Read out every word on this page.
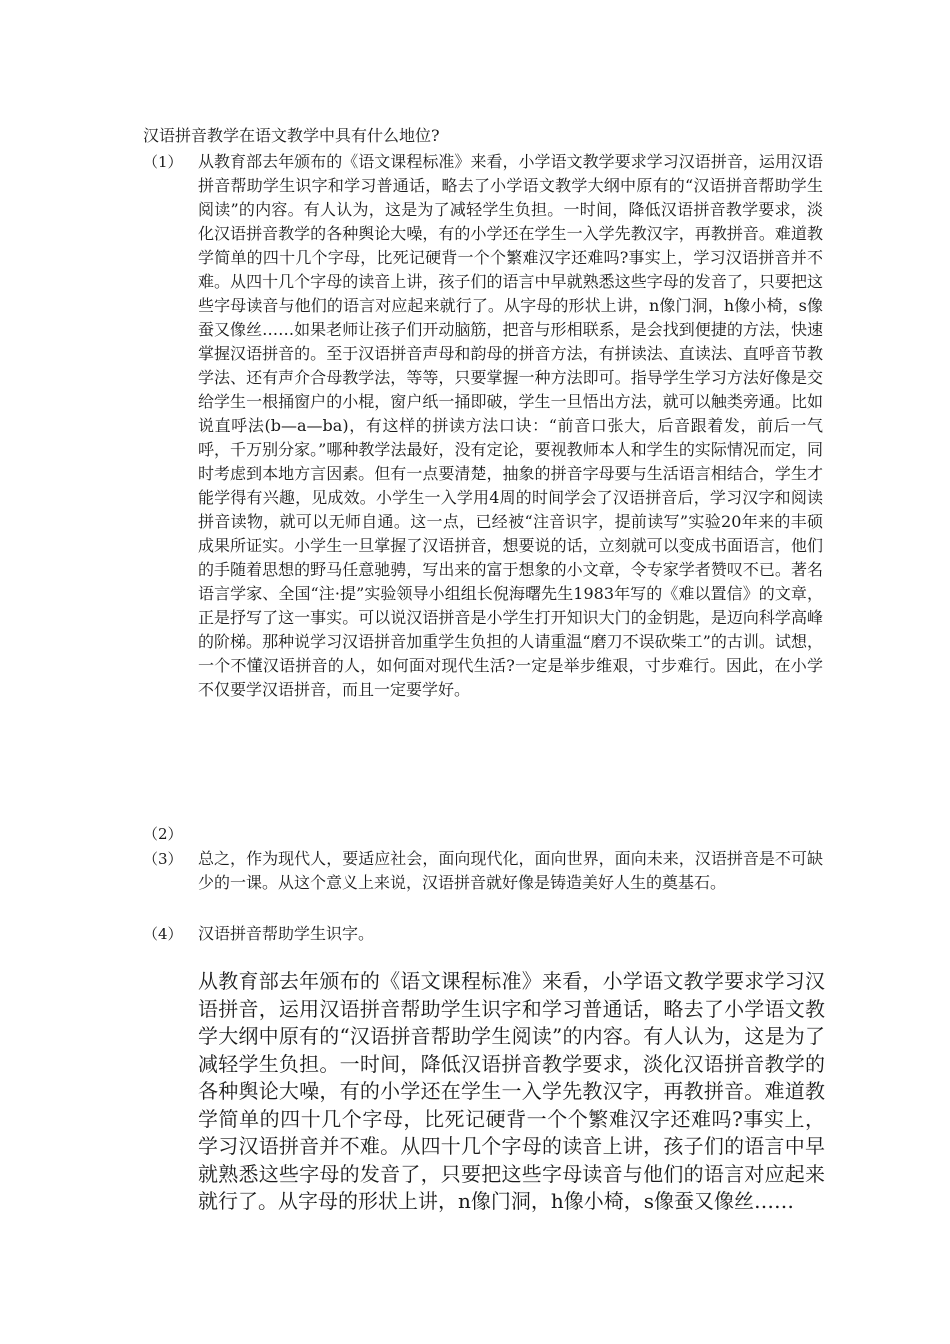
汉语拼音教学在语文教学中具有什么地位?
（1） 从教育部去年颁布的《语文课程标准》来看，小学语文教学要求学习汉语拼音，运用汉语拼音帮助学生识字和学习普通话，略去了小学语文教学大纲中原有的“汉语拼音帮助学生阅读”的内容。有人认为，这是为了减轻学生负担。一时间，降低汉语拼音教学要求，淡化汉语拼音教学的各种舆论大噪，有的小学还在学生一入学先教汉字，再教拼音。难道教学简单的四十几个字母，比死记硬背一个个繁难汉字还难吗?事实上，学习汉语拼音并不难。从四十几个字母的读音上讲，孩子们的语言中早就熟悉这些字母的发音了，只要把这些字母读音与他们的语言对应起来就行了。从字母的形状上讲，n像门洞，h像小椅，s像蚕又像丝……如果老师让孩子们开动脑筋，把音与形相联系，是会找到便捷的方法，快速掌握汉语拼音的。至于汉语拼音声母和韵母的拼音方法，有拼读法、直读法、直呼音节教学法、还有声介合母教学法，等等，只要掌握一种方法即可。指导学生学习方法好像是交给学生一根捅窗户的小棍，窗户纸一捅即破，学生一旦悟出方法，就可以触类旁通。比如说直呼法(b—a—ba)，有这样的拼读方法口诀：“前音口张大，后音跟着发，前后一气呼，千万别分家。”哪种教学法最好，没有定论，要视教师本人和学生的实际情况而定，同时考虑到本地方言因素。但有一点要清楚，抽象的拼音字母要与生活语言相结合，学生才能学得有兴趣，见成效。小学生一入学用4周的时间学会了汉语拼音后，学习汉字和阅读拼音读物，就可以无师自通。这一点，已经被“注音识字，提前读写”实验20年来的丰硕成果所证实。小学生一旦掌握了汉语拼音，想要说的话，立刻就可以变成书面语言，他们的手随着思想的野马任意驰骋，写出来的富于想象的小文章，令专家学者赞叹不已。著名语言学家、全国“注·提”实验领导小组组长倪海曙先生1983年写的《难以置信》的文章，正是抒写了这一事实。可以说汉语拼音是小学生打开知识大门的金钥匙，是迈向科学高峰的阶梯。那种说学习汉语拼音加重学生负担的人请重温“磨刀不误砍柴工”的古训。试想，一个不懂汉语拼音的人，如何面对现代生活?一定是举步维艰，寸步难行。因此，在小学不仅要学汉语拼音，而且一定要学好。
（2）
（3） 总之，作为现代人，要适应社会，面向现代化，面向世界，面向未来，汉语拼音是不可缺少的一课。从这个意义上来说，汉语拼音就好像是铸造美好人生的奠基石。
（4） 汉语拼音帮助学生识字。
从教育部去年颁布的《语文课程标准》来看，小学语文教学要求学习汉语拼音，运用汉语拼音帮助学生识字和学习普通话，略去了小学语文教学大纲中原有的“汉语拼音帮助学生阅读”的内容。有人认为，这是为了减轻学生负担。一时间，降低汉语拼音教学要求，淡化汉语拼音教学的各种舆论大噪，有的小学还在学生一入学先教汉字，再教拼音。难道教学简单的四十几个字母，比死记硬背一个个繁难汉字还难吗?事实上，学习汉语拼音并不难。从四十几个字母的读音上讲，孩子们的语言中早就熟悉这些字母的发音了，只要把这些字母读音与他们的语言对应起来就行了。从字母的形状上讲，n像门洞，h像小椅，s像蚕又像丝……
